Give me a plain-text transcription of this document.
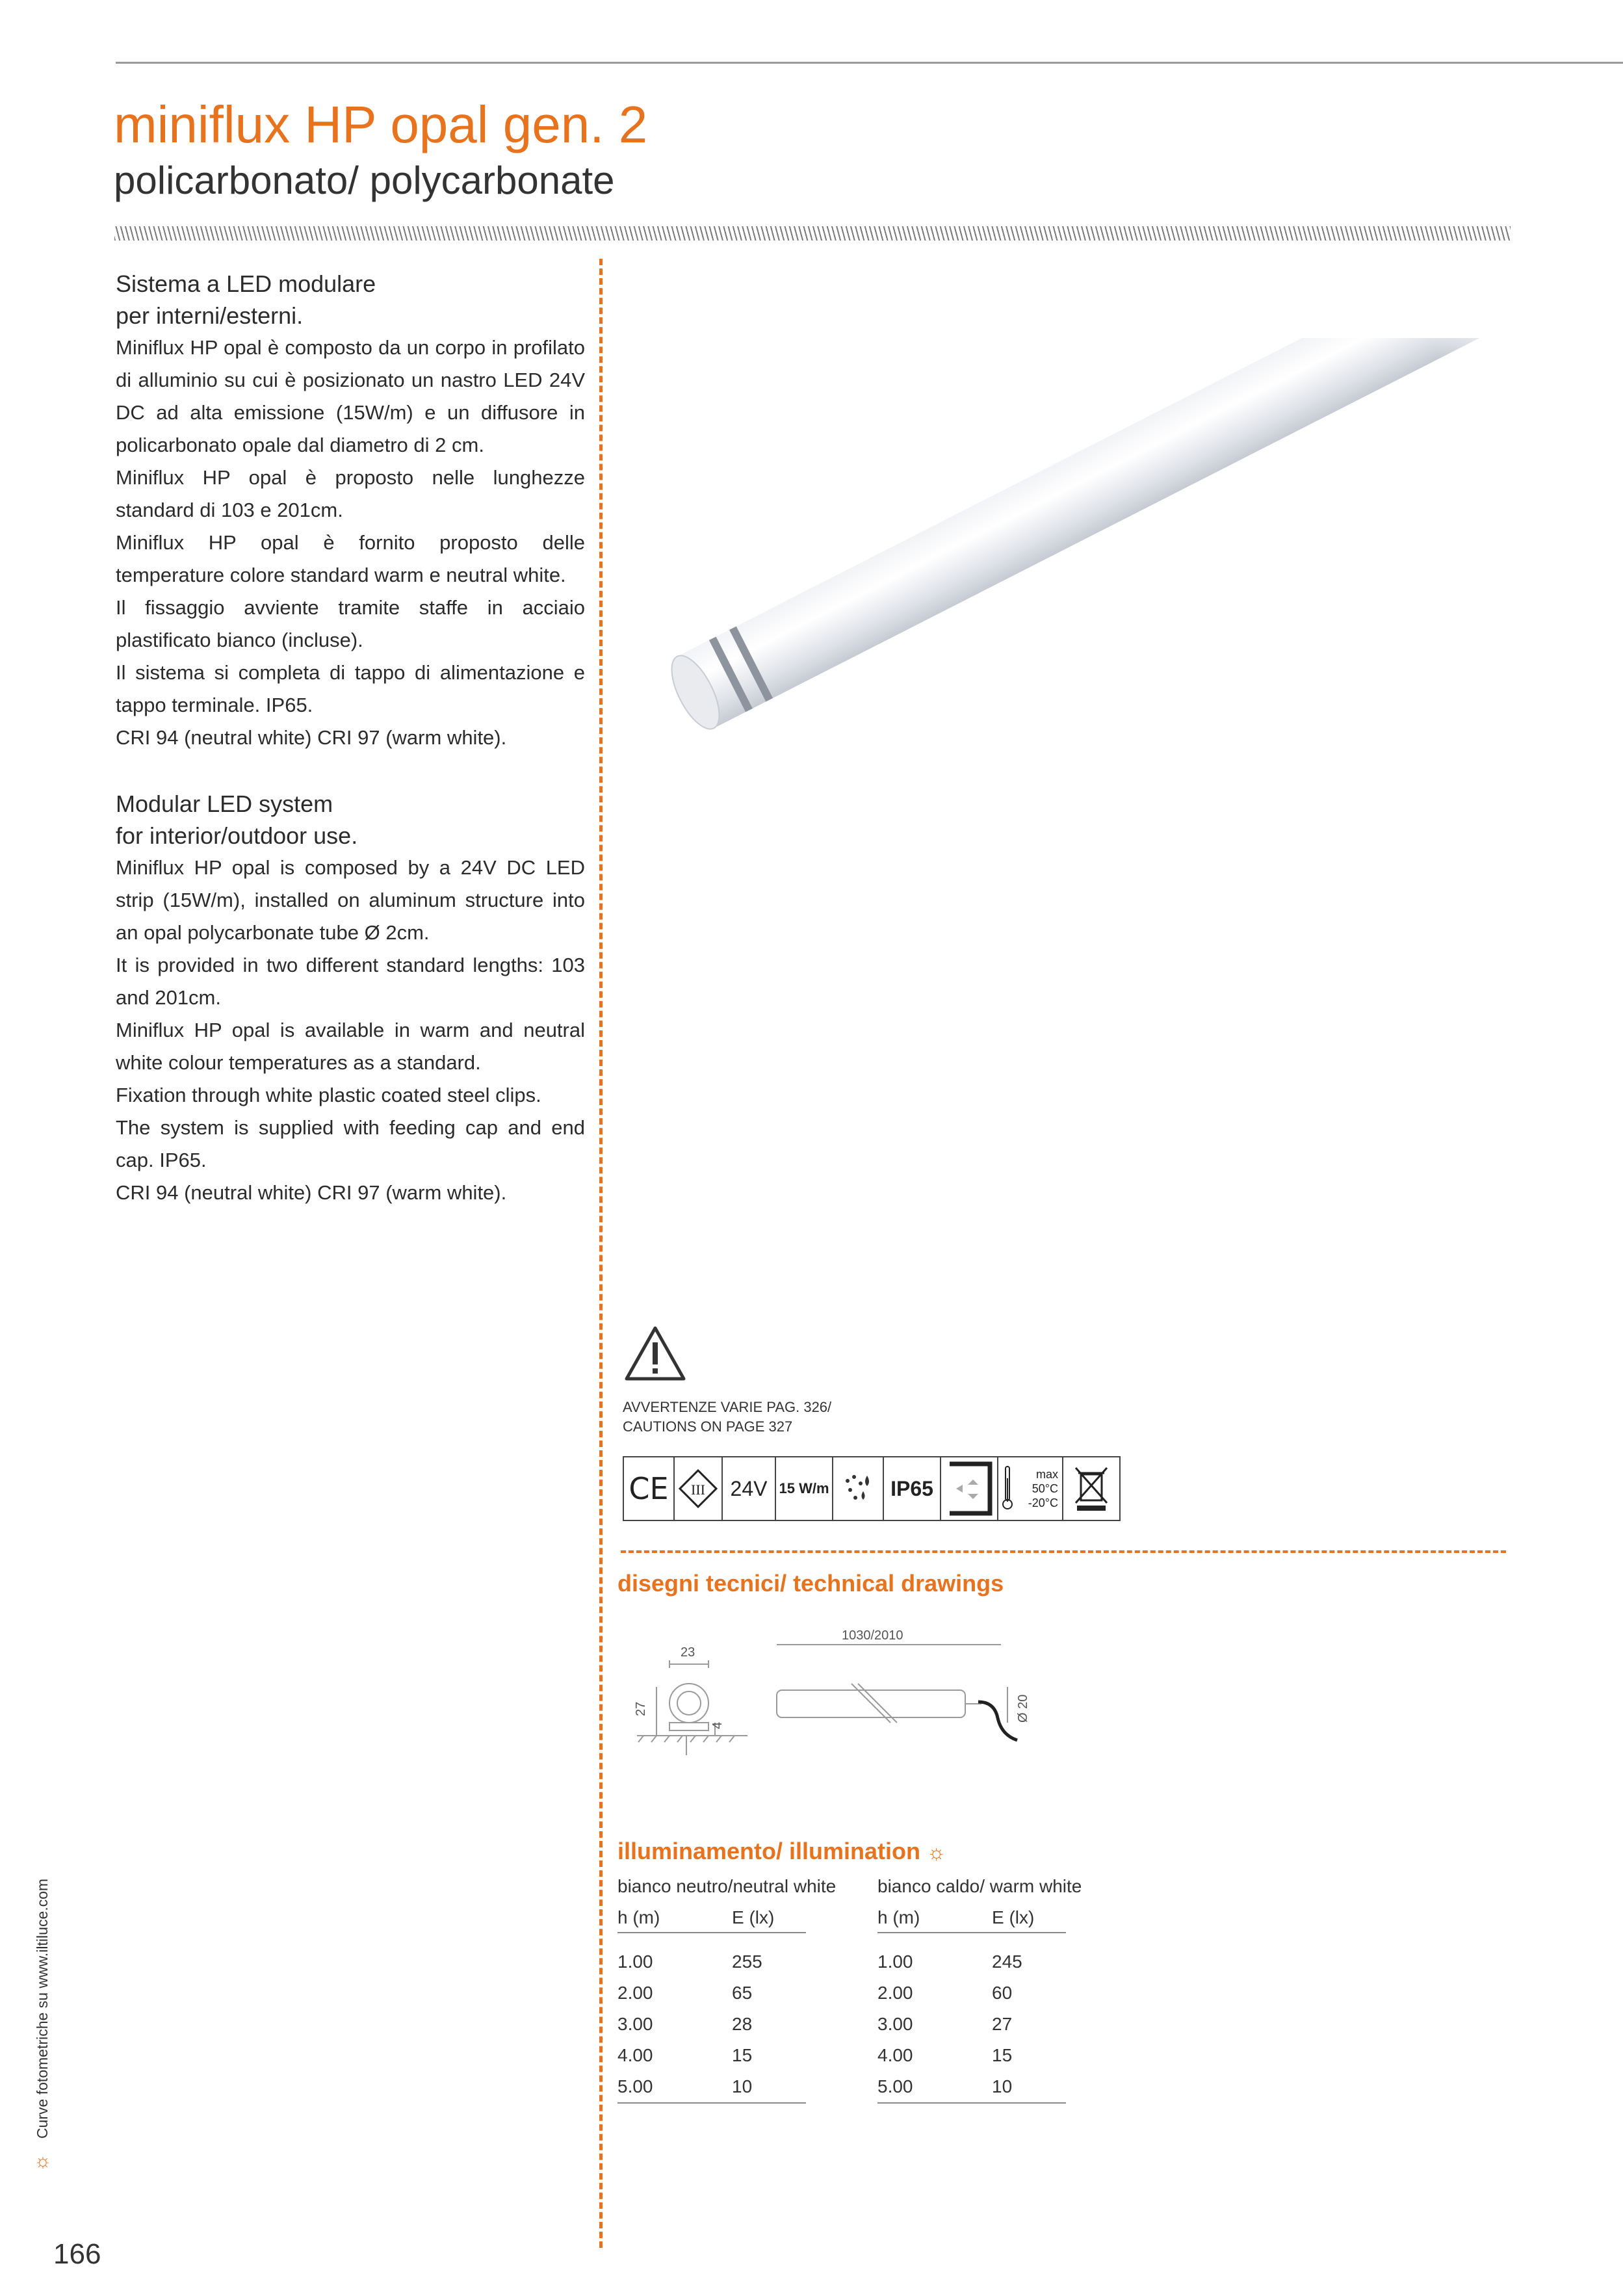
miniflux HP opal gen. 2
policarbonato/ polycarbonate
Sistema a LED modulare
per interni/esterni.

Miniflux HP opal è composto da un corpo in profilato di alluminio su cui è posizionato un nastro LED 24V DC ad alta emissione (15W/m) e un diffusore in policarbonato opale dal diametro di 2 cm.

Miniflux HP opal è proposto nelle lunghezze standard di 103 e 201cm.

Miniflux HP opal è fornito proposto delle temperature colore standard warm e neutral white.

Il fissaggio avviente tramite staffe in acciaio plastificato bianco (incluse).

Il sistema si completa di tappo di alimentazione e tappo terminale. IP65.

CRI 94 (neutral white) CRI 97 (warm white).

Modular LED system
for interior/outdoor use.

Miniflux HP opal is composed by a 24V DC LED strip (15W/m), installed on aluminum structure into an opal polycarbonate tube Ø 2cm.

It is provided in two different standard lengths: 103 and 201cm.

Miniflux HP opal is available in warm and neutral white colour temperatures as a standard.

Fixation through white plastic coated steel clips.

The system is supplied with feeding cap and end cap. IP65.

CRI 94 (neutral white) CRI 97 (warm white).

AVVERTENZE VARIE PAG. 326/
CAUTIONS ON PAGE 327
CE	III	24V 15 W/m	IP65
max
50°C
-20°C
disegni tecnici/ technical drawings
23
27
4
1030/2010
Ø 20
illuminamento/ illumination ☼
bianco neutro/neutral white
h (m)	E (lx)
1.00	255
2.00	65
3.00	28
4.00	15
5.00	10
bianco caldo/ warm white
h (m)	E (lx)
1.00	245
2.00	60
3.00	27
4.00	15
5.00	10
Curve fotometriche su www.iltiluce.com
☼
166
